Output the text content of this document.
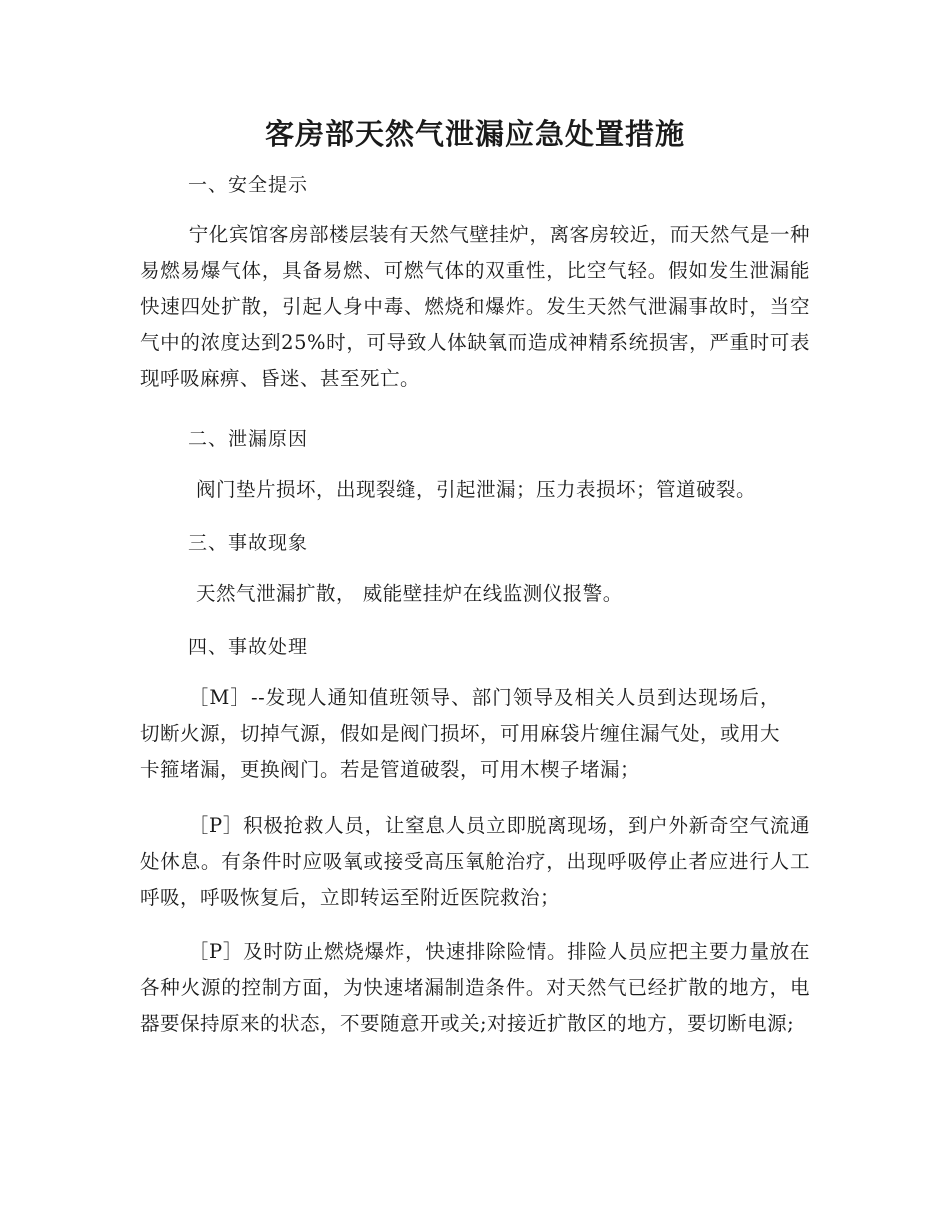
客房部天然气泄漏应急处置措施

一、安全提示

宁化宾馆客房部楼层装有天然气壁挂炉，离客房较近，而天然气是一种易燃易爆气体，具备易燃、可燃气体的双重性，比空气轻。假如发生泄漏能快速四处扩散，引起人身中毒、燃烧和爆炸。发生天然气泄漏事故时，当空气中的浓度达到25%时，可导致人体缺氧而造成神精系统损害，严重时可表现呼吸麻痹、昏迷、甚至死亡。

二、泄漏原因

阀门垫片损坏，出现裂缝，引起泄漏；压力表损坏；管道破裂。

三、事故现象

天然气泄漏扩散， 威能壁挂炉在线监测仪报警。

四、事故处理

［M］--发现人通知值班领导、部门领导及相关人员到达现场后，切断火源，切掉气源，假如是阀门损坏，可用麻袋片缠住漏气处，或用大卡箍堵漏，更换阀门。若是管道破裂，可用木楔子堵漏；

［P］积极抢救人员，让窒息人员立即脱离现场，到户外新奇空气流通处休息。有条件时应吸氧或接受高压氧舱治疗，出现呼吸停止者应进行人工呼吸，呼吸恢复后，立即转运至附近医院救治；

［P］及时防止燃烧爆炸，快速排除险情。排险人员应把主要力量放在各种火源的控制方面，为快速堵漏制造条件。对天然气已经扩散的地方，电器要保持原来的状态，不要随意开或关;对接近扩散区的地方，要切断电源;
